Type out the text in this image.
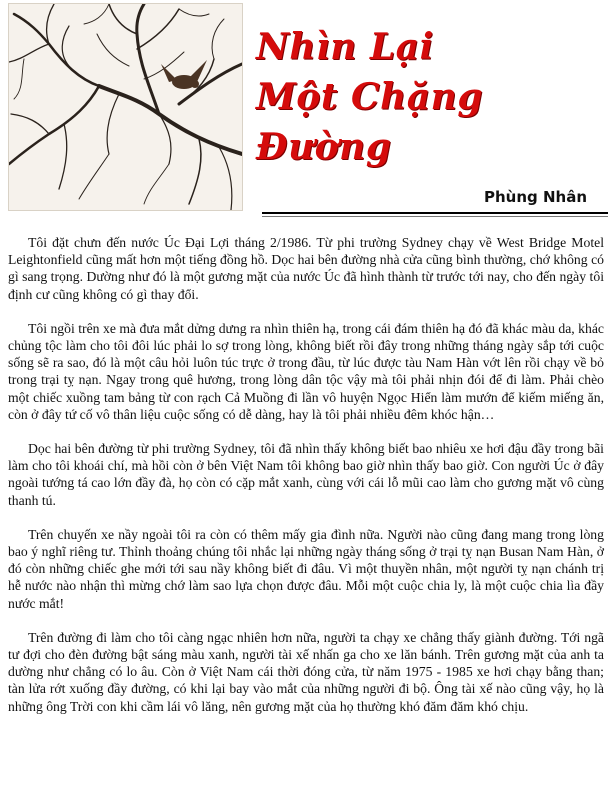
Nhìn Lại
Một Chặng
Đường
Phùng Nhân

Tôi đặt chưn đến nước Úc Đại Lợi tháng 2/1986. Từ phi trường Sydney chạy về West Bridge Motel Leightonfield cũng mất hơn một tiếng đồng hồ. Dọc hai bên đường nhà cửa cũng bình thường, chớ không có gì sang trọng. Dường như đó là một gương mặt của nước Úc đã hình thành từ trước tới nay, cho đến ngày tôi định cư cũng không có gì thay đổi.

Tôi ngồi trên xe mà đưa mắt dửng dưng ra nhìn thiên hạ, trong cái đám thiên hạ đó đã khác màu da, khác chủng tộc làm cho tôi đôi lúc phải lo sợ trong lòng, không biết rồi đây trong những tháng ngày sắp tới cuộc sống sẽ ra sao, đó là một câu hỏi luôn túc trực ở trong đầu, từ lúc được tàu Nam Hàn vớt lên rồi chạy về bỏ trong trại tỵ nạn. Ngay trong quê hương, trong lòng dân tộc vậy mà tôi phải nhịn đói để đi làm. Phải chèo một chiếc xuồng tam bảng từ con rạch Cả Muồng đi lần vô huyện Ngọc Hiển làm mướn để kiếm miếng ăn, còn ở đây tứ cố vô thân liệu cuộc sống có dễ dàng, hay là tôi phải nhiều đêm khóc hận…

Dọc hai bên đường từ phi trường Sydney, tôi đã nhìn thấy không biết bao nhiêu xe hơi đậu đầy trong bãi làm cho tôi khoái chí, mà hồi còn ở bên Việt Nam tôi không bao giờ nhìn thấy bao giờ. Con người Úc ở đây ngoài tướng tá cao lớn đầy đà, họ còn có cặp mắt xanh, cùng với cái lỗ mũi cao làm cho gương mặt vô cùng thanh tú.

Trên chuyến xe nầy ngoài tôi ra còn có thêm mấy gia đình nữa. Người nào cũng đang mang trong lòng bao ý nghĩ riêng tư. Thỉnh thoảng chúng tôi nhắc lại những ngày tháng sống ở trại tỵ nạn Busan Nam Hàn, ở đó còn những chiếc ghe mới tới sau nầy không biết đi đâu. Vì một thuyền nhân, một người tỵ nạn chánh trị hễ nước nào nhận thì mừng chớ làm sao lựa chọn được đâu. Mỗi một cuộc chia ly, là một cuộc chia lìa đầy nước mắt!

Trên đường đi làm cho tôi càng ngạc nhiên hơn nữa, người ta chạy xe chẳng thấy giành đường. Tới ngã tư đợi cho đèn đường bật sáng màu xanh, người tài xế nhấn ga cho xe lăn bánh. Trên gương mặt của anh ta dường như chẳng có lo âu. Còn ở Việt Nam cái thời đóng cửa, từ năm 1975 - 1985 xe hơi chạy bằng than; tàn lửa rớt xuống đầy đường, có khi lại bay vào mắt của những người đi bộ. Ông tài xế nào cũng vậy, họ là những ông Trời con khi cầm lái vô lăng, nên gương mặt của họ thường khó đăm đăm khó chịu.
